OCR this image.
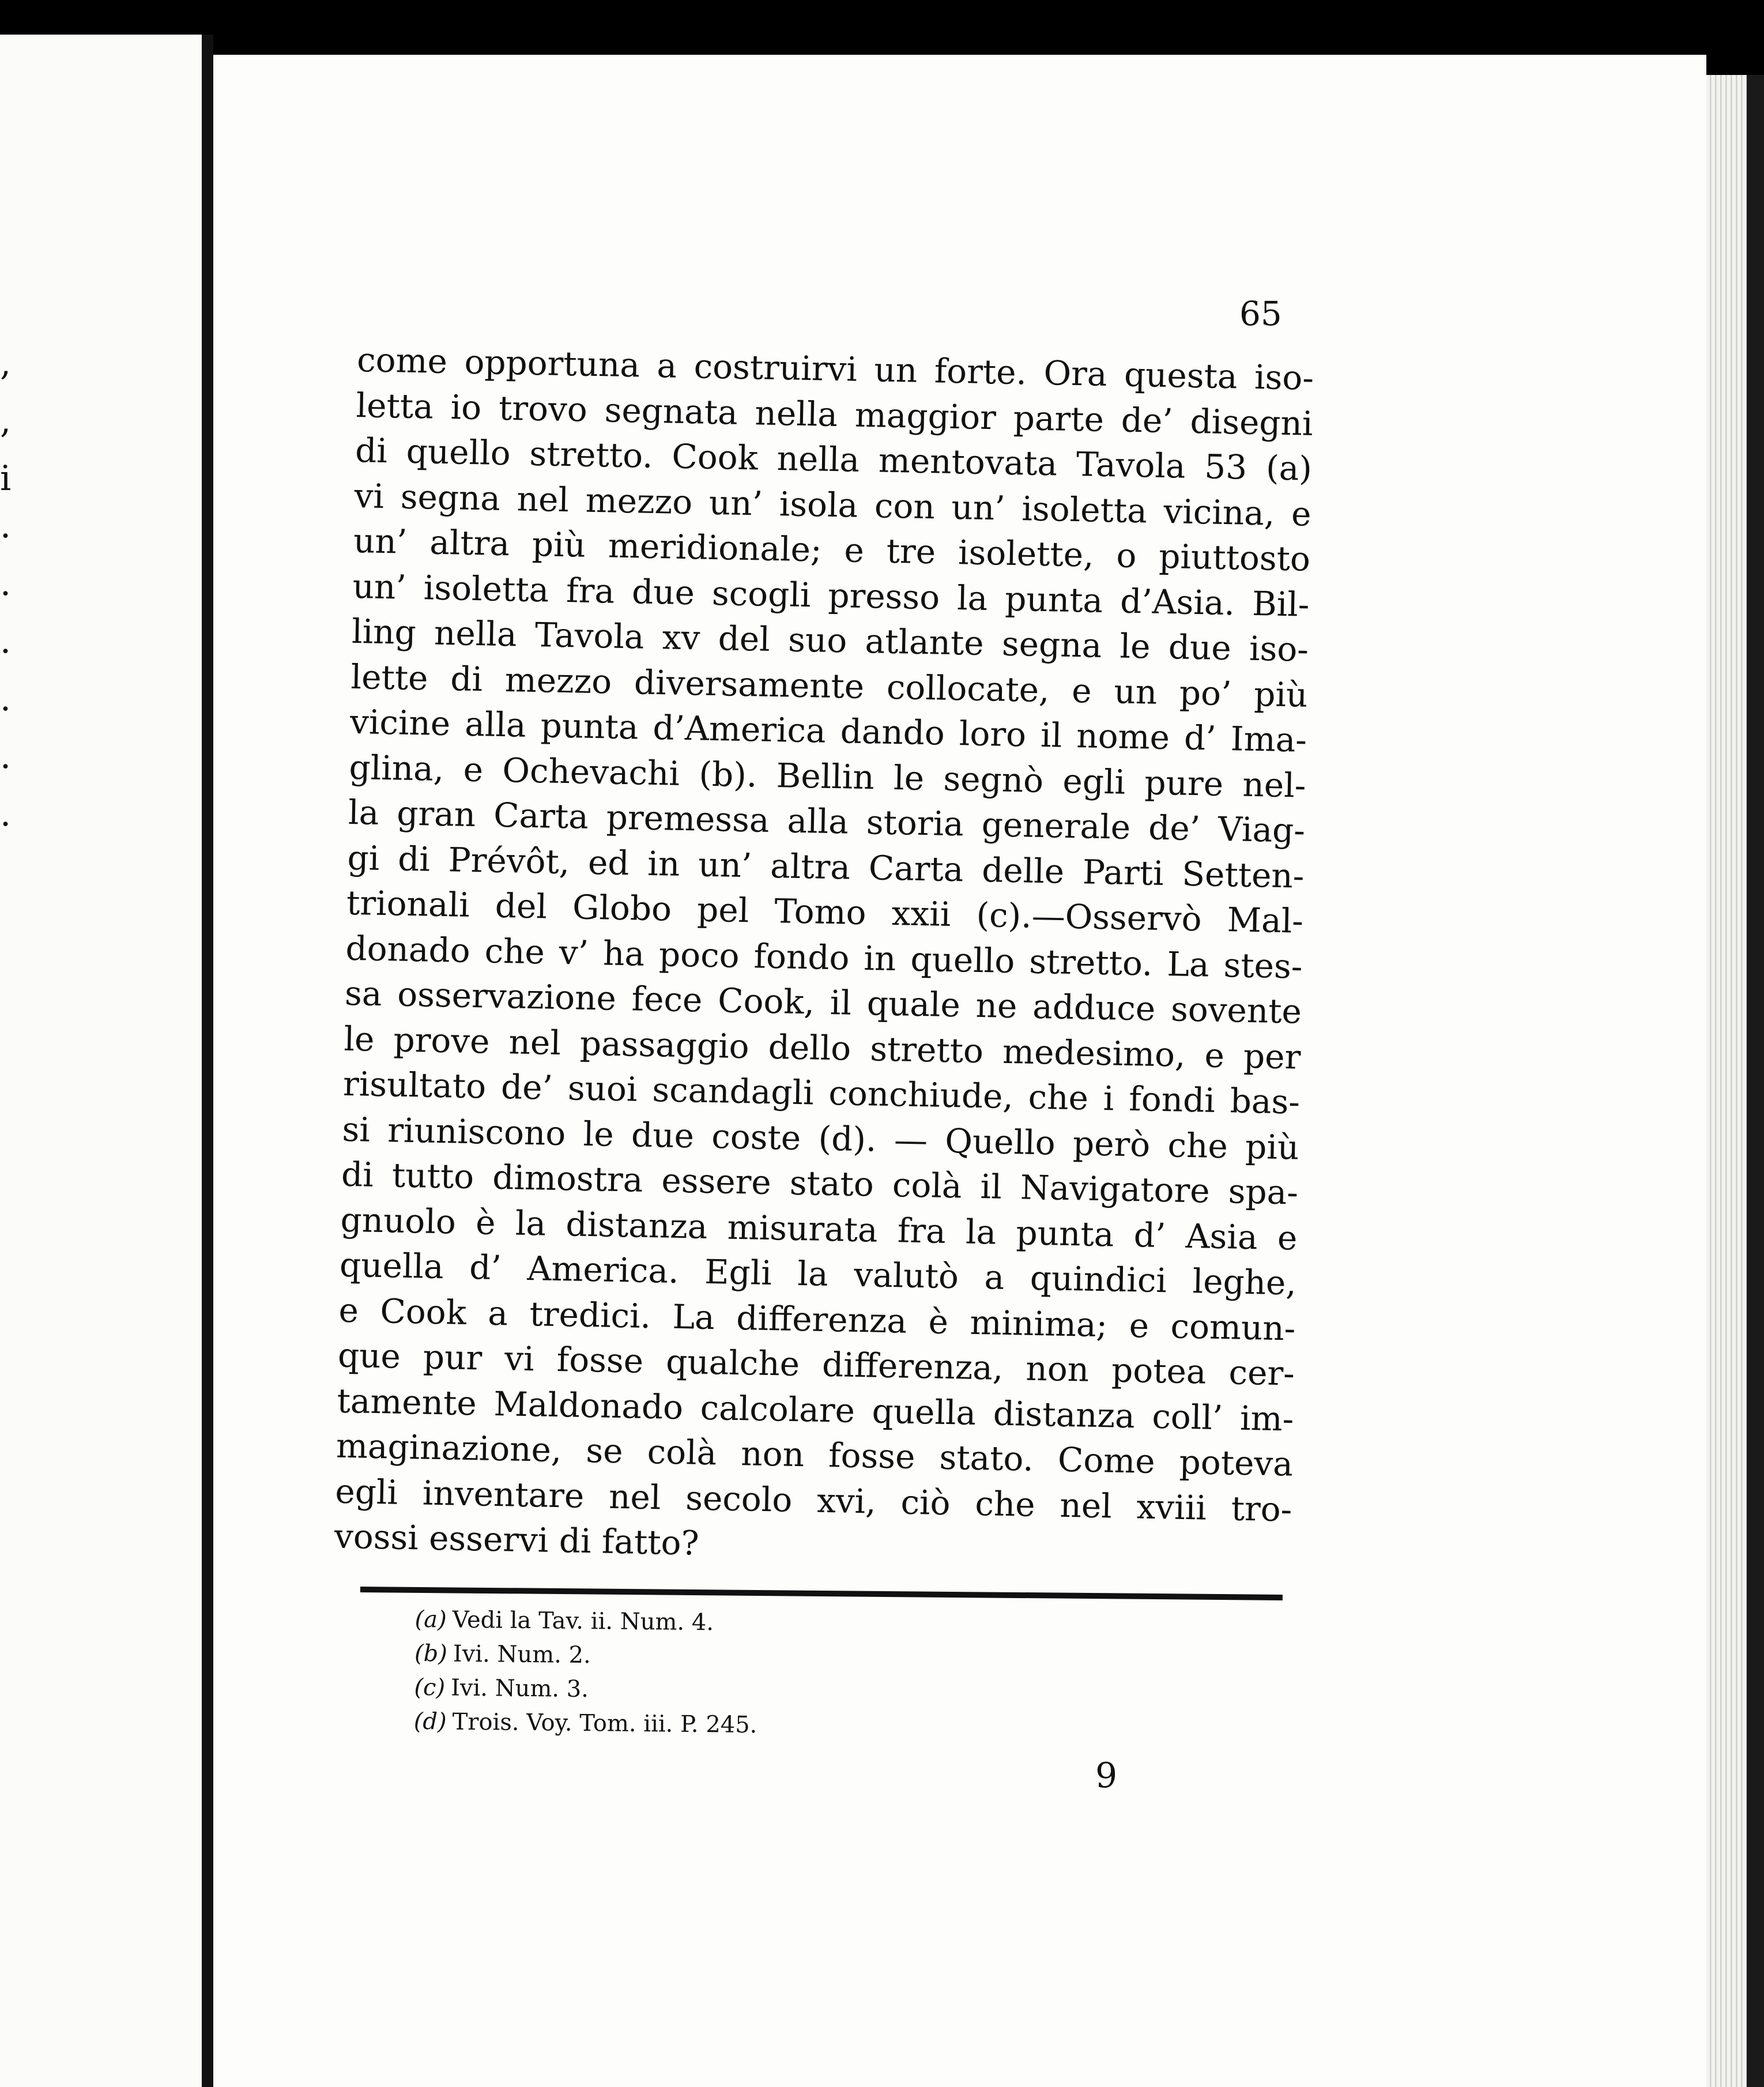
,
,
i
·
·
·
·
·
·
65
come opportuna a costruirvi un forte. Ora questa iso-
letta io trovo segnata nella maggior parte de’ disegni
di quello stretto. Cook nella mentovata Tavola 53 (a)
vi segna nel mezzo un’ isola con un’ isoletta vicina, e
un’ altra più meridionale; e tre isolette, o piuttosto
un’ isoletta fra due scogli presso la punta d’Asia. Bil-
ling nella Tavola xv del suo atlante segna le due iso-
lette di mezzo diversamente collocate, e un po’ più
vicine alla punta d’America dando loro il nome d’ Ima-
glina, e Ochevachi (b). Bellin le segnò egli pure nel-
la gran Carta premessa alla storia generale de’ Viag-
gi di Prévôt, ed in un’ altra Carta delle Parti Setten-
trionali del Globo pel Tomo xxii (c).—Osservò Mal-
donado che v’ ha poco fondo in quello stretto. La stes-
sa osservazione fece Cook, il quale ne adduce sovente
le prove nel passaggio dello stretto medesimo, e per
risultato de’ suoi scandagli conchiude, che i fondi bas-
si riuniscono le due coste (d). — Quello però che più
di tutto dimostra essere stato colà il Navigatore spa-
gnuolo è la distanza misurata fra la punta d’ Asia e
quella d’ America. Egli la valutò a quindici leghe,
e Cook a tredici. La differenza è minima; e comun-
que pur vi fosse qualche differenza, non potea cer-
tamente Maldonado calcolare quella distanza coll’ im-
maginazione, se colà non fosse stato. Come poteva
egli inventare nel secolo xvi, ciò che nel xviii tro-
vossi esservi di fatto?
(a) Vedi la Tav. ii. Num. 4.
(b) Ivi. Num. 2.
(c) Ivi. Num. 3.
(d) Trois. Voy. Tom. iii. P. 245.
9
